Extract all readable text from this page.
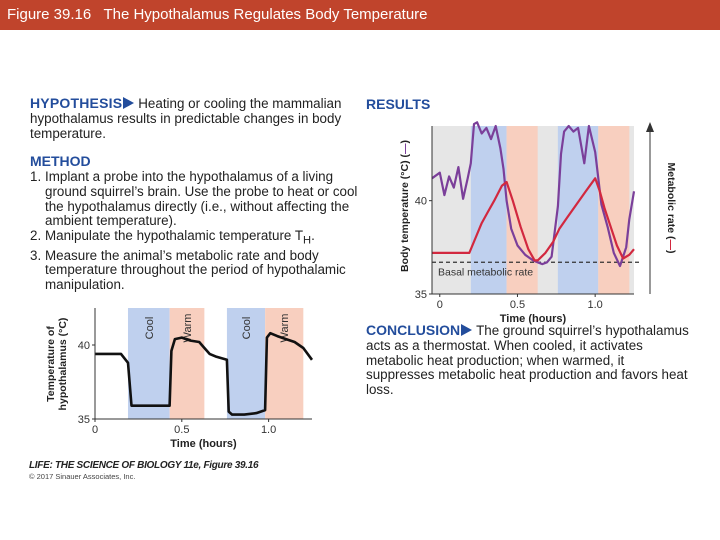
Figure 39.16   The Hypothalamus Regulates Body Temperature
HYPOTHESIS Heating or cooling the mammalian hypothalamus results in predictable changes in body temperature.
METHOD
1. Implant a probe into the hypothalamus of a living ground squirrel’s brain. Use the probe to heat or cool the hypothalamus directly (i.e., without affecting the ambient temperature).
2. Manipulate the hypothalamic temperature $T_H$.
3. Measure the animal’s metabolic rate and body temperature throughout the period of hypothalamic manipulation.
RESULTS
CONCLUSION The ground squirrel’s hypothalamus acts as a thermostat. When cooled, it activates metabolic heat production; when warmed, it suppresses metabolic heat production and favors heat loss.
Cool Warm	Cool Warm
0	0.5	1.0
35
40
Time (hours)
Temperature ofhypothalamus (°C)
Basal metabolic rate
0	0.5	1.0
35
40
Time (hours)
Body temperature (°C) (—)
Metabolic rate (—)
LIFE: THE SCIENCE OF BIOLOGY 11e, Figure 39.16
© 2017 Sinauer Associates, Inc.
